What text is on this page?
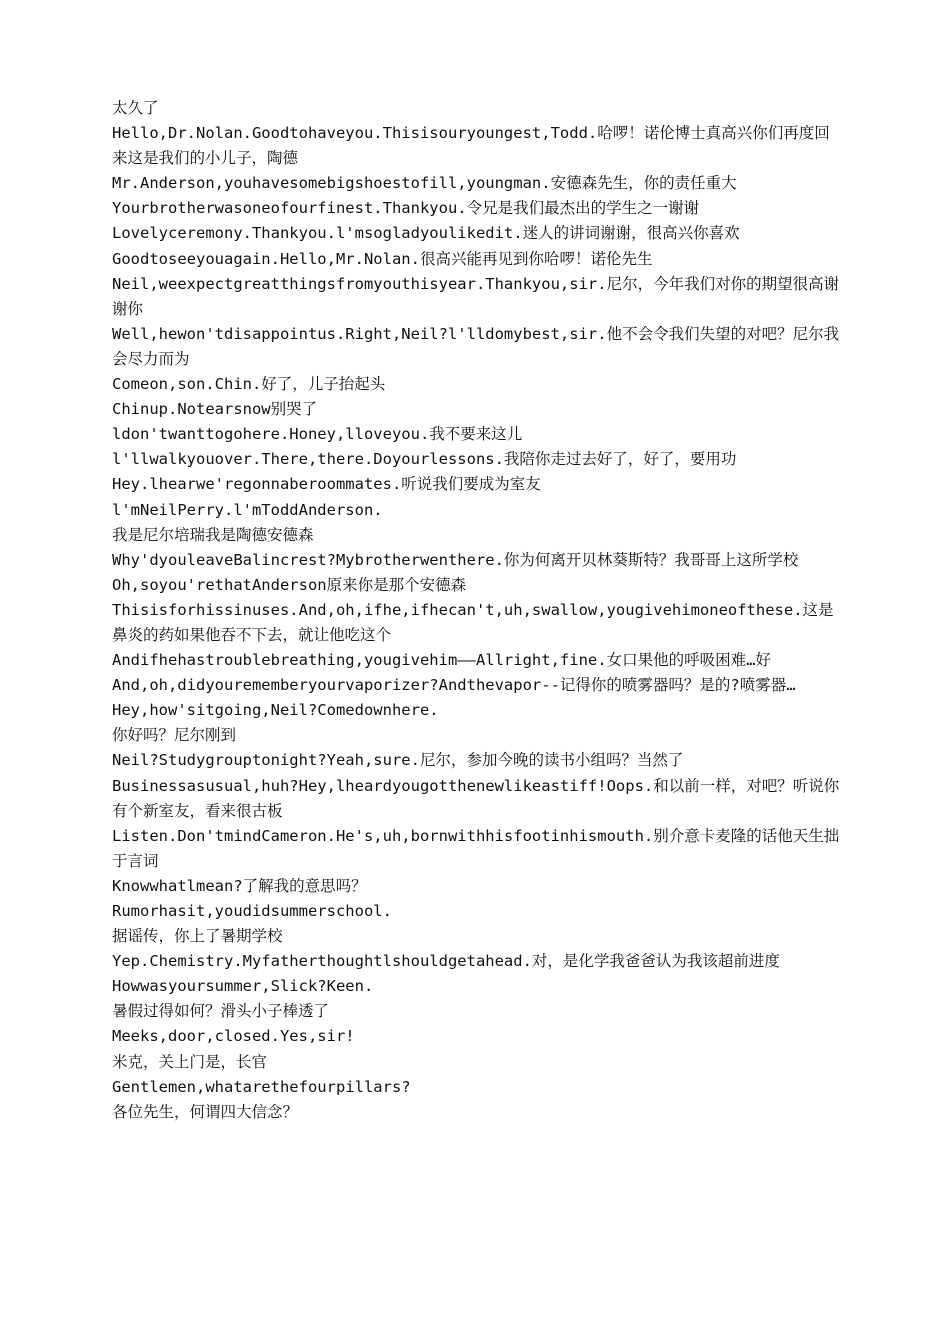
太久了

Hello,Dr.Nolan.Goodtohaveyou.Thisisouryoungest,Todd.哈啰！诺伦博士真高兴你们再度回来这是我们的小儿子，陶德

Mr.Anderson,youhavesomebigshoestofill,youngman.安德森先生，你的责任重大

Yourbrotherwasoneofourfinest.Thankyou.令兄是我们最杰出的学生之一谢谢

Lovelyceremony.Thankyou.l'msogladyoulikedit.迷人的讲词谢谢，很高兴你喜欢

Goodtoseeyouagain.Hello,Mr.Nolan.很高兴能再见到你哈啰！诺伦先生

Neil,weexpectgreatthingsfromyouthisyear.Thankyou,sir.尼尔，今年我们对你的期望很高谢谢你

Well,hewon'tdisappointus.Right,Neil?l'lldomybest,sir.他不会令我们失望的对吧？尼尔我会尽力而为

Comeon,son.Chin.好了，儿子抬起头

Chinup.Notearsnow别哭了

ldon'twanttogohere.Honey,lloveyou.我不要来这儿

l'llwalkyouover.There,there.Doyourlessons.我陪你走过去好了，好了，要用功

Hey.lhearwe'regonnaberoommates.听说我们要成为室友

l'mNeilPerry.l'mToddAnderson.

我是尼尔培瑞我是陶德安德森

Why'dyouleaveBalincrest?Mybrotherwenthere.你为何离开贝林葵斯特？我哥哥上这所学校

Oh,soyou'rethatAnderson原来你是那个安德森

Thisisforhissinuses.And,oh,ifhe,ifhecan't,uh,swallow,yougivehimoneofthese.这是鼻炎的药如果他吞不下去，就让他吃这个

Andifhehastroublebreathing,yougivehim——Allright,fine.女口果他的呼吸困难…好

And,oh,didyourememberyourvaporizer?Andthevapor--记得你的喷雾器吗？是的?喷雾器…

Hey,how'sitgoing,Neil?Comedownhere.

你好吗？尼尔刚到

Neil?Studygrouptonight?Yeah,sure.尼尔，参加今晚的读书小组吗？当然了

Businessasusual,huh?Hey,lheardyougotthenewlikeastiff!Oops.和以前一样，对吧？听说你有个新室友，看来很古板

Listen.Don'tmindCameron.He's,uh,bornwithhisfootinhismouth.别介意卡麦隆的话他天生拙于言词

Knowwhatlmean?了解我的意思吗？

Rumorhasit,youdidsummerschool.

据谣传，你上了暑期学校

Yep.Chemistry.Myfatherthoughtlshouldgetahead.对，是化学我爸爸认为我该超前进度

Howwasyoursummer,Slick?Keen.

暑假过得如何？滑头小子棒透了

Meeks,door,closed.Yes,sir!

米克，关上门是，长官

Gentlemen,whatarethefourpillars?

各位先生，何谓四大信念？
